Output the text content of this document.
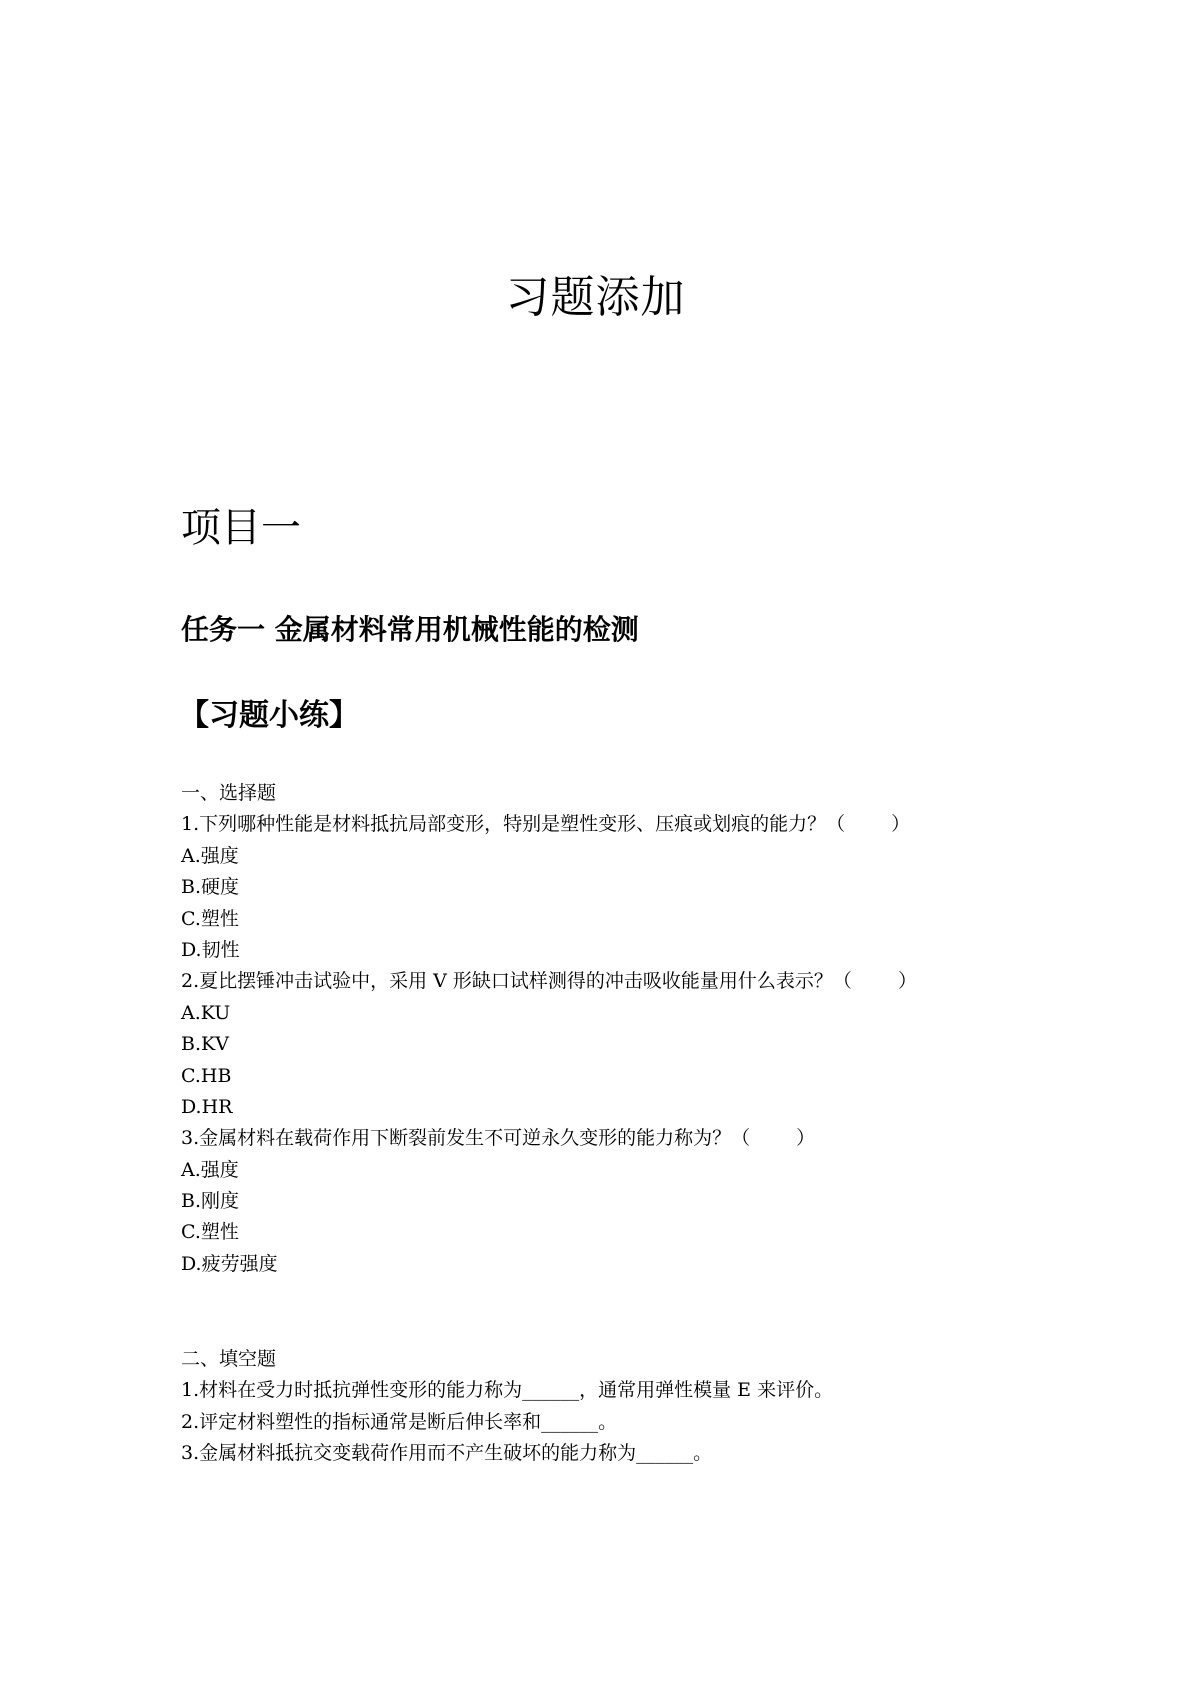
习题添加
项目一
任务一 金属材料常用机械性能的检测
【习题小练】
一、选择题
1.下列哪种性能是材料抵抗局部变形，特别是塑性变形、压痕或划痕的能力？（ ）
A.强度
B.硬度
C.塑性
D.韧性
2.夏比摆锤冲击试验中，采用 V 形缺口试样测得的冲击吸收能量用什么表示？（ ）
A.KU
B.KV
C.HB
D.HR
3.金属材料在载荷作用下断裂前发生不可逆永久变形的能力称为？（ ）
A.强度
B.刚度
C.塑性
D.疲劳强度
二、填空题
1.材料在受力时抵抗弹性变形的能力称为______，通常用弹性模量 E 来评价。
2.评定材料塑性的指标通常是断后伸长率和______。
3.金属材料抵抗交变载荷作用而不产生破坏的能力称为______。
